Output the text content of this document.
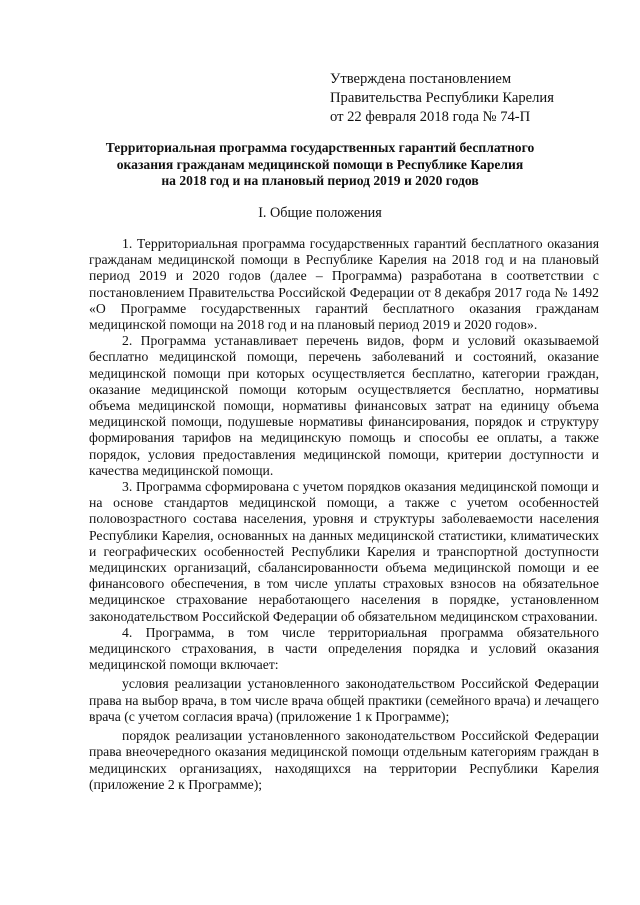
Утверждена постановлением
Правительства Республики Карелия
от 22 февраля 2018 года № 74-П
Территориальная программа государственных гарантий бесплатного
оказания гражданам медицинской помощи в Республике Карелия
на 2018 год и на плановый период 2019 и 2020 годов
I. Общие положения

1. Территориальная программа государственных гарантий бесплатного оказания гражданам медицинской помощи в Республике Карелия на 2018 год и на плановый период 2019 и 2020 годов (далее – Программа) разработана в соответствии с постановлением Правительства Российской Федерации от 8 декабря 2017 года № 1492 «О Программе государственных гарантий бесплатного оказания гражданам медицинской помощи на 2018 год и на плановый период 2019 и 2020 годов».

2. Программа устанавливает перечень видов, форм и условий оказываемой бесплатно медицинской помощи, перечень заболеваний и состояний, оказание медицинской помощи при которых осуществляется бесплатно, категории граждан, оказание медицинской помощи которым осуществляется бесплатно, нормативы объема медицинской помощи, нормативы финансовых затрат на единицу объема медицинской помощи, подушевые нормативы финансирования, порядок и структуру формирования тарифов на медицинскую помощь и способы ее оплаты, а также порядок, условия предоставления медицинской помощи, критерии доступности и качества медицинской помощи.

3. Программа сформирована с учетом порядков оказания медицинской помощи и на основе стандартов медицинской помощи, а также с учетом особенностей половозрастного состава населения, уровня и структуры заболеваемости населения Республики Карелия, основанных на данных медицинской статистики, климатических и географических особенностей Республики Карелия и транспортной доступности медицинских организаций, сбалансированности объема медицинской помощи и ее финансового обеспечения, в том числе уплаты страховых взносов на обязательное медицинское страхование неработающего населения в порядке, установленном законодательством Российской Федерации об обязательном медицинском страховании.

4. Программа, в том числе территориальная программа обязательного медицинского страхования, в части определения порядка и условий оказания медицинской помощи включает:

условия реализации установленного законодательством Российской Федерации права на выбор врача, в том числе врача общей практики (семейного врача) и лечащего врача (с учетом согласия врача) (приложение 1 к Программе);

порядок реализации установленного законодательством Российской Федерации права внеочередного оказания медицинской помощи отдельным категориям граждан в медицинских организациях, находящихся на территории Республики Карелия (приложение 2 к Программе);
